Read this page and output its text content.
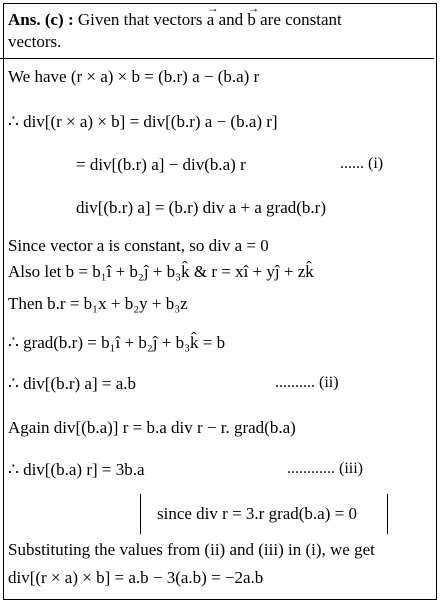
Ans. (c) : Given that vectors a
→
and b
→
are constant
vectors.
We have (r × a) × b = (b.r) a − (b.a) r
∴ div[(r × a) × b] = div[(b.r) a − (b.a) r]
= div[(b.r) a] − div(b.a) r	...... (i)
div[(b.r) a] = (b.r) div a + a grad(b.r)
Since vector a is constant, so div a = 0
Also let b = b₁î + b₂ĵ + b₃k̂ & r = xî + yĵ + zk̂
Then b.r = b₁x + b₂y + b₃z
∴ grad(b.r) = b₁î + b₂ĵ + b₃k̂ = b
∴ div[(b.r) a] = a.b	.......... (ii)
Again div[(b.a)] r = b.a div r − r. grad(b.a)
∴ div[(b.a) r] = 3b.a	............ (iii)
since div r = 3.r grad(b.a) = 0
Substituting the values from (ii) and (iii) in (i), we get
div[(r × a) × b] = a.b − 3(a.b) = −2a.b
